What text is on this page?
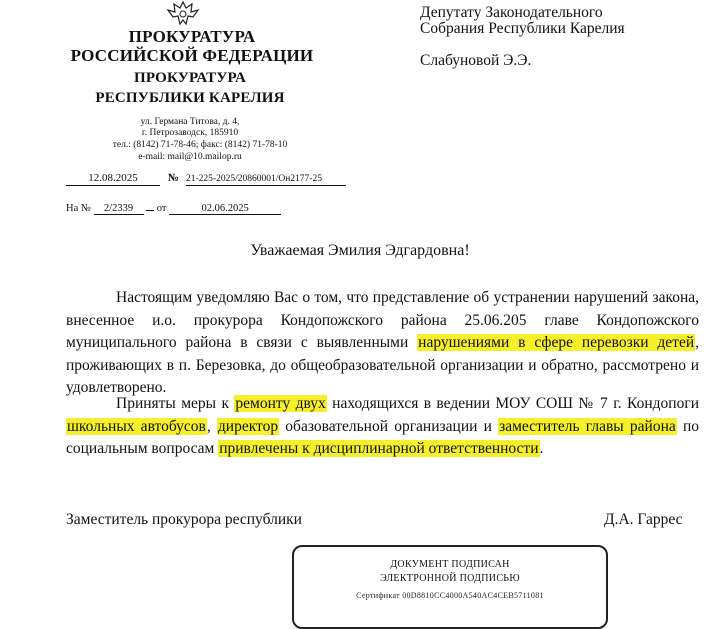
ПРОКУРАТУРА
РОССИЙСКОЙ ФЕДЕРАЦИИ
ПРОКУРАТУРА
РЕСПУБЛИКИ КАРЕЛИЯ
ул. Германа Титова, д. 4,
г. Петрозаводск, 185910
тел.: (8142) 71-78-46; факс: (8142) 71-78-10
e-mail: mail@10.mailop.ru
12.08.2025	№ 21-225-2025/20860001/Он2177-25
На № 2/2339 от	02.06.2025
Депутату Законодательного
Собрания Республики Карелия
Слабуновой Э.Э.
Уважаемая Эмилия Эдгардовна!
Настоящим уведомляю Вас о том, что представление об устранении нарушений закона, внесенное и.о. прокурора Кондопожского района 25.06.205 главе Кондопожского муниципального района в связи с выявленными нарушениями в сфере перевозки детей, проживающих в п. Березовка, до общеобразовательной организации и обратно, рассмотрено и удовлетворено.
Приняты меры к ремонту двух находящихся в ведении МОУ СОШ № 7 г. Кондопоги школьных автобусов, директор обазовательной организации и заместитель главы района по социальным вопросам привлечены к дисциплинарной ответственности.
Заместитель прокурора республики	Д.А. Гаррес
ДОКУМЕНТ ПОДПИСАН
ЭЛЕКТРОННОЙ ПОДПИСЬЮ
Сертификат 00D8810CC4000A540AC4CEB5711081
